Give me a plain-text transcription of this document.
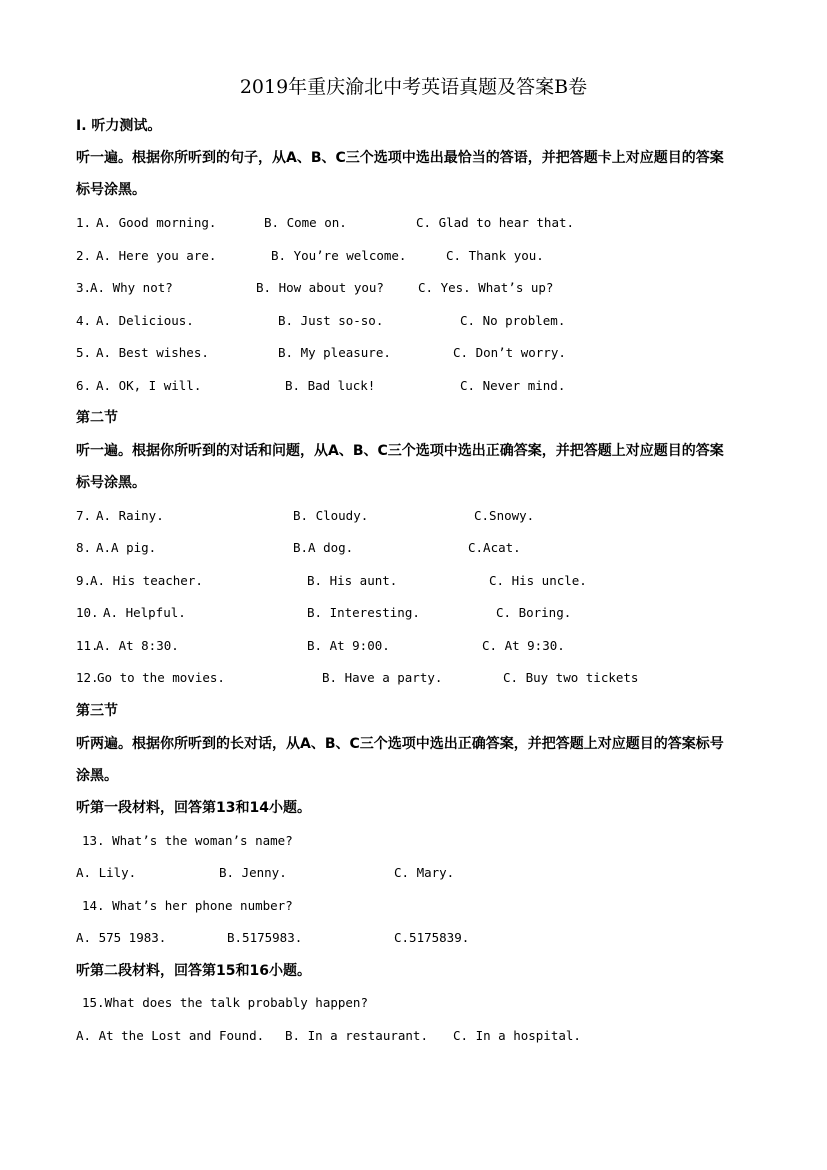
2019年重庆渝北中考英语真题及答案B卷
I. 听力测试。
听一遍。根据你所听到的句子，从A、B、C三个选项中选出最恰当的答语，并把答题卡上对应题目的答案
标号涂黑。
1. A. Good morning.	B. Come on.	C. Glad to hear that.
2. A. Here you are.	B. You’re welcome.	C. Thank you.
3.
A. Why not?	B. How about you?	C. Yes. What’s up?
4. A. Delicious.	B. Just so-so.	C. No problem.
5. A. Best wishes.	B. My pleasure.	C. Don’t worry.
6. A. OK, I will.	B. Bad luck!	C. Never mind.
第二节
听一遍。根据你所听到的对话和问题，从A、B、C三个选项中选出正确答案，并把答题上对应题目的答案
标号涂黑。
7. A. Rainy.	B. Cloudy.	C.Snowy.
8. A.A pig.	B.A dog.	C.Acat.
9.
A. His teacher.	B. His aunt.	C. His uncle.
10. A. Helpful.	B. Interesting.	C. Boring.
11.
A. At 8:30.	B. At 9:00.	C. At 9:30.
12.
Go to the movies.	B. Have a party.	C. Buy two tickets
第三节
听两遍。根据你所听到的长对话，从A、B、C三个选项中选出正确答案，并把答题上对应题目的答案标号
涂黑。
听第一段材料，回答第13和14小题。
13. What’s the woman’s name?
A. Lily.	B. Jenny.	C. Mary.
14. What’s her phone number?
A. 575 1983.	B.5175983.	C.5175839.
听第二段材料，回答第15和16小题。
15.What does the talk probably happen?
A. At the Lost and Found. B. In a restaurant. C. In a hospital.
